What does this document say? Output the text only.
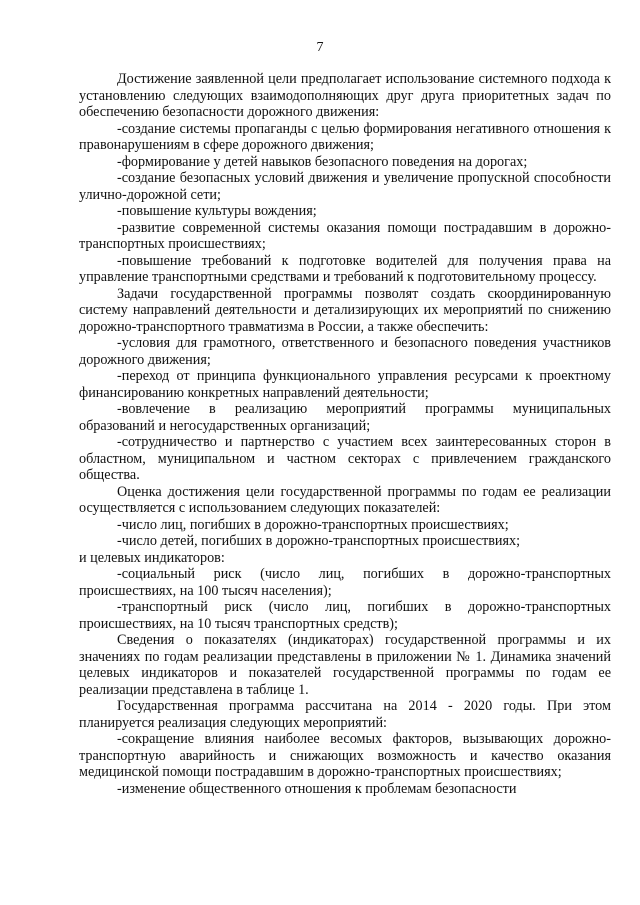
7

Достижение заявленной цели предполагает использование системного подхода к установлению следующих взаимодополняющих друг друга приоритетных задач по обеспечению безопасности дорожного движения:

-создание системы пропаганды с целью формирования негативного отношения к правонарушениям в сфере дорожного движения;

-формирование у детей навыков безопасного поведения на дорогах;

-создание безопасных условий движения и увеличение пропускной способности улично-дорожной сети;

-повышение культуры вождения;

-развитие современной системы оказания помощи пострадавшим в дорожно- транспортных происшествиях;

-повышение требований к подготовке водителей для получения права на управление транспортными средствами и требований к подготовительному процессу.

Задачи государственной программы позволят создать скоординированную систему направлений деятельности и детализирующих их мероприятий по снижению дорожно-транспортного травматизма в России, а также обеспечить:

-условия для грамотного, ответственного и безопасного поведения участников дорожного движения;

-переход от принципа функционального управления ресурсами к проектному финансированию конкретных направлений деятельности;

-вовлечение в реализацию мероприятий программы муниципальных образований и негосударственных организаций;

-сотрудничество и партнерство с участием всех заинтересованных сторон в областном, муниципальном и частном секторах с привлечением гражданского общества.

Оценка достижения цели государственной программы по годам ее реализации осуществляется с использованием следующих показателей:

-число лиц, погибших в дорожно-транспортных происшествиях;

-число детей, погибших в дорожно-транспортных происшествиях;

и целевых индикаторов:

-социальный риск (число лиц, погибших в дорожно-транспортных происшествиях, на 100 тысяч населения);

-транспортный риск (число лиц, погибших в дорожно-транспортных происшествиях, на 10 тысяч транспортных средств);

Сведения о показателях (индикаторах) государственной программы и их значениях по годам реализации представлены в приложении № 1. Динамика значений целевых индикаторов и показателей государственной программы по годам ее реализации представлена в таблице 1.

Государственная программа рассчитана на 2014 - 2020 годы. При этом планируется реализация следующих мероприятий:

-сокращение влияния наиболее весомых факторов, вызывающих дорожно-транспортную аварийность и снижающих возможность и качество оказания медицинской помощи пострадавшим в дорожно-транспортных происшествиях;

-изменение общественного отношения к проблемам безопасности
